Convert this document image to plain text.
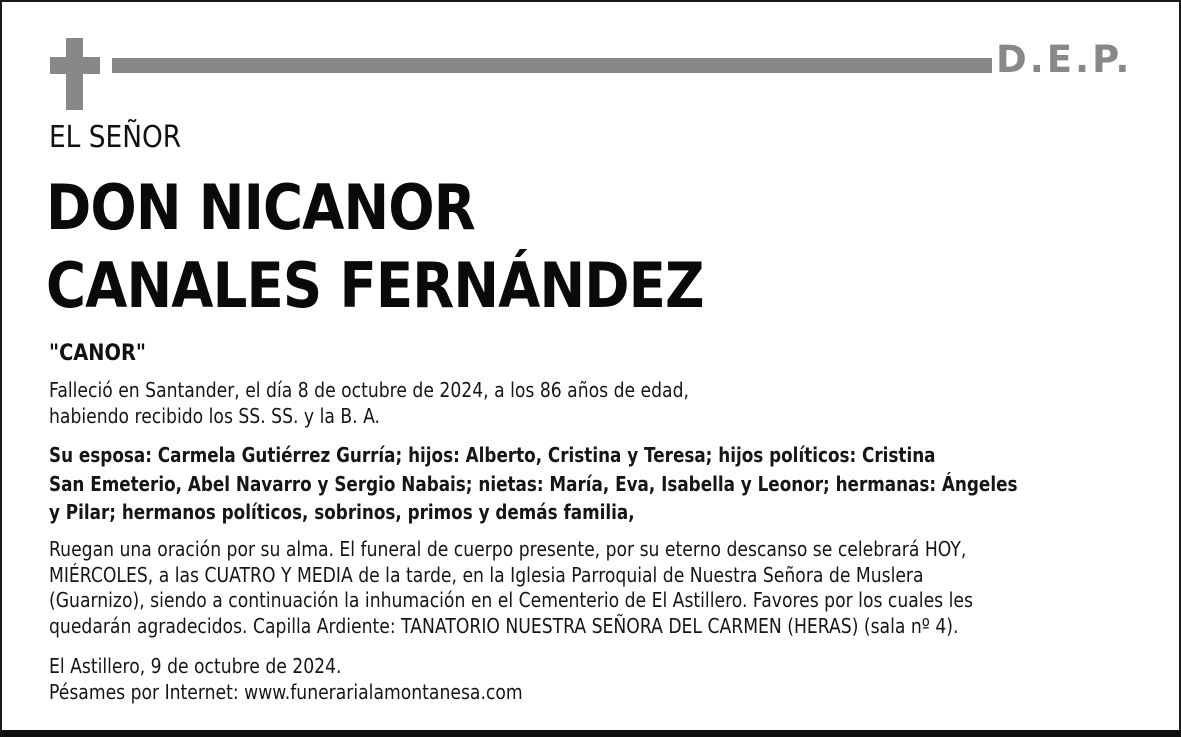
D.E.P.
EL SEÑOR
DON NICANOR
CANALES FERNÁNDEZ
"CANOR"
Falleció en Santander, el día 8 de octubre de 2024, a los 86 años de edad,
habiendo recibido los SS. SS. y la B. A.
Su esposa: Carmela Gutiérrez Gurría; hijos: Alberto, Cristina y Teresa; hijos políticos: Cristina
San Emeterio, Abel Navarro y Sergio Nabais; nietas: María, Eva, Isabella y Leonor; hermanas: Ángeles
y Pilar; hermanos políticos, sobrinos, primos y demás familia,
Ruegan una oración por su alma. El funeral de cuerpo presente, por su eterno descanso se celebrará HOY,
MIÉRCOLES, a las CUATRO Y MEDIA de la tarde, en la Iglesia Parroquial de Nuestra Señora de Muslera
(Guarnizo), siendo a continuación la inhumación en el Cementerio de El Astillero. Favores por los cuales les
quedarán agradecidos. Capilla Ardiente: TANATORIO NUESTRA SEÑORA DEL CARMEN (HERAS) (sala nº 4).
El Astillero, 9 de octubre de 2024.
Pésames por Internet: www.funerarialamontanesa.com
